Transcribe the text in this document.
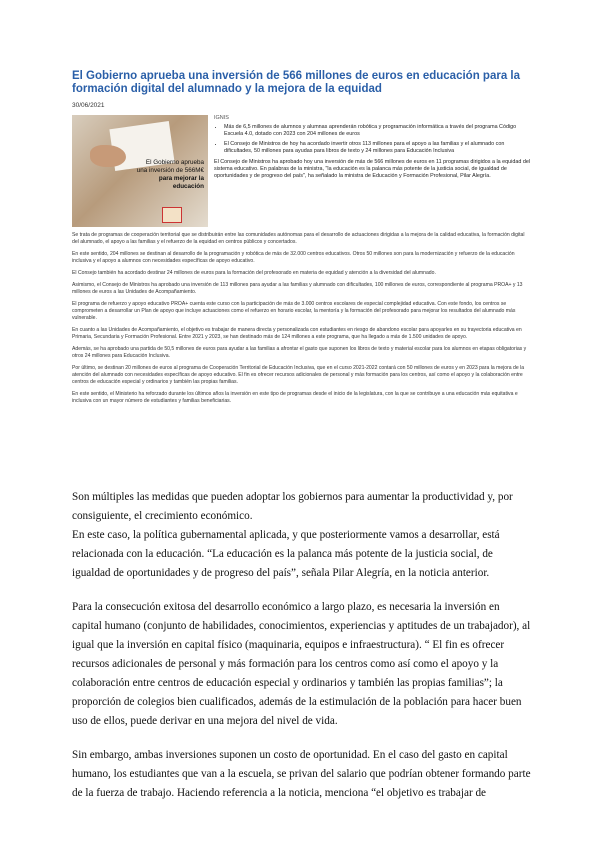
El Gobierno aprueba una inversión de 566 millones de euros en educación para la formación digital del alumnado y la mejora de la equidad
30/06/2021
El Gobierno aprueba
una inversión de 566M€
para mejorar la educación
IGNIS
• Más de 6,5 millones de alumnos y alumnas aprenderán robótica y programación informática a través del programa Código Escuela 4.0, dotado con 2023 con 204 millones de euros
• El Consejo de Ministros de hoy ha acordado invertir otros 113 millones para el apoyo a las familias y el alumnado con dificultades, 50 millones para ayudas para libros de texto y 24 millones para Educación Inclusiva

El Consejo de Ministros ha aprobado hoy una inversión de más de 566 millones de euros en 11 programas dirigidos a la equidad del sistema educativo. En palabras de la ministra, "la educación es la palanca más potente de la justicia social, de igualdad de oportunidades y de progreso del país", ha señalado la ministra de Educación y Formación Profesional, Pilar Alegría.

Se trata de programas de cooperación territorial que se distribuirán entre las comunidades autónomas para el desarrollo de actuaciones dirigidas a la mejora de la calidad educativa, la formación digital del alumnado, el apoyo a las familias y el refuerzo de la equidad en centros públicos y concertados.

En este sentido, 204 millones se destinan al desarrollo de la programación y robótica de más de 32.000 centros educativos. Otros 50 millones son para la modernización y refuerzo de la educación inclusiva y el apoyo a alumnos con necesidades específicas de apoyo educativo.

El Consejo también ha acordado destinar 24 millones de euros para la formación del profesorado en materia de equidad y atención a la diversidad del alumnado.

Asimismo, el Consejo de Ministros ha aprobado una inversión de 113 millones para ayudar a las familias y alumnado con dificultades, 100 millones de euros, correspondiente al programa PROA+ y 13 millones de euros a las Unidades de Acompañamiento.

El programa de refuerzo y apoyo educativo PROA+ cuenta este curso con la participación de más de 3.000 centros escolares de especial complejidad educativa. Con este fondo, los centros se comprometen a desarrollar un Plan de apoyo que incluye actuaciones como el refuerzo en horario escolar, la mentoría y la formación del profesorado para mejorar los resultados del alumnado más vulnerable.

En cuanto a las Unidades de Acompañamiento, el objetivo es trabajar de manera directa y personalizada con estudiantes en riesgo de abandono escolar para apoyarles en su trayectoria educativa en Primaria, Secundaria y Formación Profesional. Entre 2021 y 2023, se han destinado más de 124 millones a este programa, que ha llegado a más de 1.500 unidades de apoyo.

Además, se ha aprobado una partida de 50,5 millones de euros para ayudar a las familias a afrontar el gasto que suponen los libros de texto y material escolar para los alumnos en etapas obligatorias y otros 24 millones para Educación Inclusiva.

Por último, se destinan 20 millones de euros al programa de Cooperación Territorial de Educación Inclusiva, que en el curso 2021-2022 contará con 50 millones de euros y en 2023 para la mejora de la atención del alumnado con necesidades específicas de apoyo educativo. El fin es ofrecer recursos adicionales de personal y más formación para los centros, así como el apoyo y la colaboración entre centros de educación especial y ordinarios y también las propias familias.

En este sentido, el Ministerio ha reforzado durante los últimos años la inversión en este tipo de programas desde el inicio de la legislatura, con la que se contribuye a una educación más equitativa e inclusiva con un mayor número de estudiantes y familias beneficiarias.

Son múltiples las medidas que pueden adoptar los gobiernos para aumentar la productividad y, por consiguiente, el crecimiento económico.

En este caso, la política gubernamental aplicada, y que posteriormente vamos a desarrollar, está relacionada con la educación. “La educación es la palanca más potente de la justicia social, de igualdad de oportunidades y de progreso del país”, señala Pilar Alegría, en la noticia anterior.

Para la consecución exitosa del desarrollo económico a largo plazo, es necesaria la inversión en capital humano (conjunto de habilidades, conocimientos, experiencias y aptitudes de un trabajador), al igual que la inversión en capital físico (maquinaria, equipos e infraestructura). “ El fin es ofrecer recursos adicionales de personal y más formación para los centros como así como el apoyo y la colaboración entre centros de educación especial y ordinarios y también las propias familias”; la proporción de colegios bien cualificados, además de la estimulación de la población para hacer buen uso de ellos, puede derivar en una mejora del nivel de vida.

Sin embargo, ambas inversiones suponen un costo de oportunidad. En el caso del gasto en capital humano, los estudiantes que van a la escuela, se privan del salario que podrían obtener formando parte de la fuerza de trabajo. Haciendo referencia a la noticia, menciona “el objetivo es trabajar de
